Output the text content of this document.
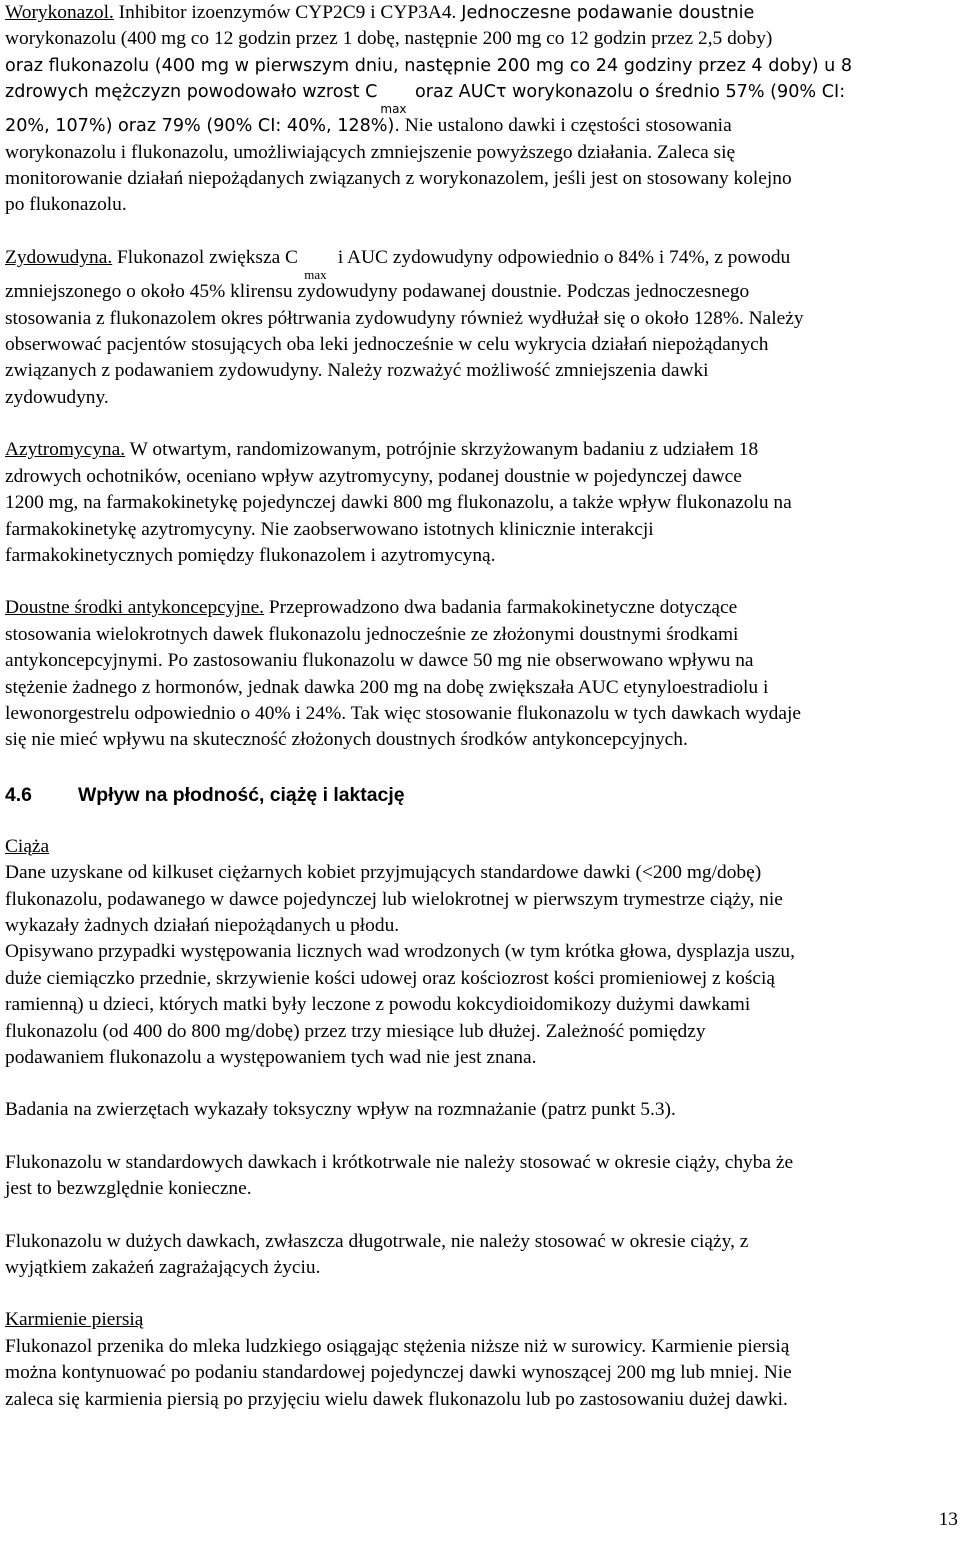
Worykonazol. Inhibitor izoenzymów CYP2C9 i CYP3A4. Jednoczesne podawanie doustnie

worykonazolu (400 mg co 12 godzin przez 1 dobę, następnie 200 mg co 12 godzin przez 2,5 doby)

oraz flukonazolu (400 mg w pierwszym dniu, następnie 200 mg co 24 godziny przez 4 doby) u 8

zdrowych mężczyzn powodowało wzrost Cmax oraz AUCτ worykonazolu o średnio 57% (90% CI:

20%, 107%) oraz 79% (90% CI: 40%, 128%). Nie ustalono dawki i częstości stosowania

worykonazolu i flukonazolu, umożliwiających zmniejszenie powyższego działania. Zaleca się

monitorowanie działań niepożądanych związanych z worykonazolem, jeśli jest on stosowany kolejno

po flukonazolu.

Zydowudyna. Flukonazol zwiększa Cmax i AUC zydowudyny odpowiednio o 84% i 74%, z powodu

zmniejszonego o około 45% klirensu zydowudyny podawanej doustnie. Podczas jednoczesnego

stosowania z flukonazolem okres półtrwania zydowudyny również wydłużał się o około 128%. Należy

obserwować pacjentów stosujących oba leki jednocześnie w celu wykrycia działań niepożądanych

związanych z podawaniem zydowudyny. Należy rozważyć możliwość zmniejszenia dawki

zydowudyny.

Azytromycyna. W otwartym, randomizowanym, potrójnie skrzyżowanym badaniu z udziałem 18

zdrowych ochotników, oceniano wpływ azytromycyny, podanej doustnie w pojedynczej dawce

1200 mg, na farmakokinetykę pojedynczej dawki 800 mg flukonazolu, a także wpływ flukonazolu na

farmakokinetykę azytromycyny. Nie zaobserwowano istotnych klinicznie interakcji

farmakokinetycznych pomiędzy flukonazolem i azytromycyną.

Doustne środki antykoncepcyjne. Przeprowadzono dwa badania farmakokinetyczne dotyczące

stosowania wielokrotnych dawek flukonazolu jednocześnie ze złożonymi doustnymi środkami

antykoncepcyjnymi. Po zastosowaniu flukonazolu w dawce 50 mg nie obserwowano wpływu na

stężenie żadnego z hormonów, jednak dawka 200 mg na dobę zwiększała AUC etynyloestradiolu i

lewonorgestrelu odpowiednio o 40% i 24%. Tak więc stosowanie flukonazolu w tych dawkach wydaje

się nie mieć wpływu na skuteczność złożonych doustnych środków antykoncepcyjnych.

4.6 Wpływ na płodność, ciążę i laktację

Ciąża

Dane uzyskane od kilkuset ciężarnych kobiet przyjmujących standardowe dawki (<200 mg/dobę)

flukonazolu, podawanego w dawce pojedynczej lub wielokrotnej w pierwszym trymestrze ciąży, nie

wykazały żadnych działań niepożądanych u płodu.

Opisywano przypadki występowania licznych wad wrodzonych (w tym krótka głowa, dysplazja uszu,

duże ciemiączko przednie, skrzywienie kości udowej oraz kościozrost kości promieniowej z kością

ramienną) u dzieci, których matki były leczone z powodu kokcydioidomikozy dużymi dawkami

flukonazolu (od 400 do 800 mg/dobę) przez trzy miesiące lub dłużej. Zależność pomiędzy

podawaniem flukonazolu a występowaniem tych wad nie jest znana.

Badania na zwierzętach wykazały toksyczny wpływ na rozmnażanie (patrz punkt 5.3).

Flukonazolu w standardowych dawkach i krótkotrwale nie należy stosować w okresie ciąży, chyba że

jest to bezwzględnie konieczne.

Flukonazolu w dużych dawkach, zwłaszcza długotrwale, nie należy stosować w okresie ciąży, z

wyjątkiem zakażeń zagrażających życiu.

Karmienie piersią

Flukonazol przenika do mleka ludzkiego osiągając stężenia niższe niż w surowicy. Karmienie piersią

można kontynuować po podaniu standardowej pojedynczej dawki wynoszącej 200 mg lub mniej. Nie

zaleca się karmienia piersią po przyjęciu wielu dawek flukonazolu lub po zastosowaniu dużej dawki.

13
